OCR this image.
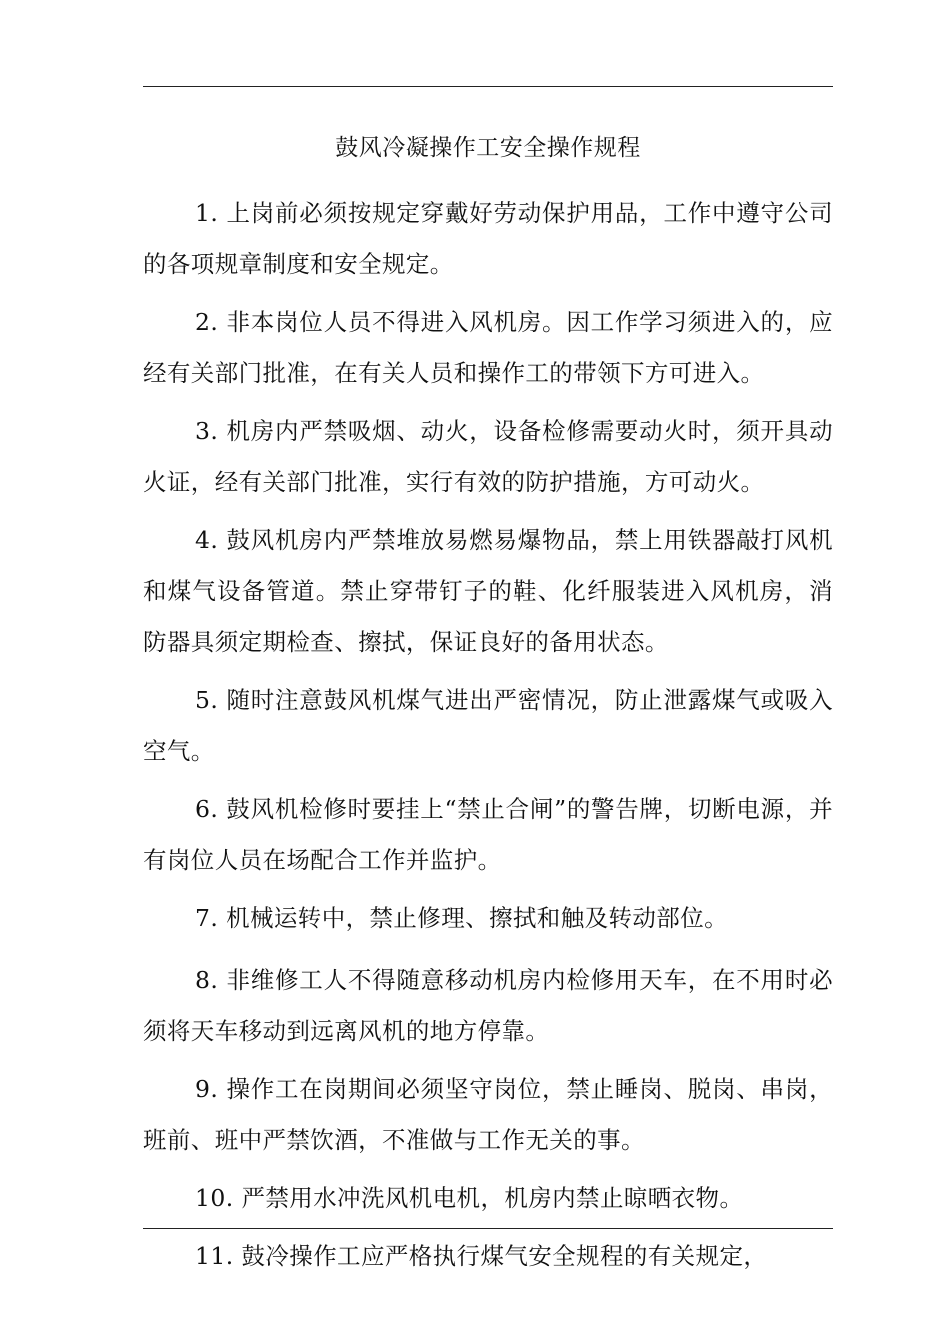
鼓风冷凝操作工安全操作规程

1. 上岗前必须按规定穿戴好劳动保护用品，工作中遵守公司的各项规章制度和安全规定。

2. 非本岗位人员不得进入风机房。因工作学习须进入的，应经有关部门批准，在有关人员和操作工的带领下方可进入。

3. 机房内严禁吸烟、动火，设备检修需要动火时，须开具动火证，经有关部门批准，实行有效的防护措施，方可动火。

4. 鼓风机房内严禁堆放易燃易爆物品，禁上用铁器敲打风机和煤气设备管道。禁止穿带钉子的鞋、化纤服装进入风机房，消防器具须定期检查、擦拭，保证良好的备用状态。

5. 随时注意鼓风机煤气进出严密情况，防止泄露煤气或吸入空气。

6. 鼓风机检修时要挂上“禁止合闸”的警告牌，切断电源，并有岗位人员在场配合工作并监护。

7. 机械运转中，禁止修理、擦拭和触及转动部位。

8. 非维修工人不得随意移动机房内检修用天车，在不用时必须将天车移动到远离风机的地方停靠。

9. 操作工在岗期间必须坚守岗位，禁止睡岗、脱岗、串岗，班前、班中严禁饮酒，不准做与工作无关的事。

10. 严禁用水冲洗风机电机，机房内禁止晾晒衣物。

11. 鼓冷操作工应严格执行煤气安全规程的有关规定，
